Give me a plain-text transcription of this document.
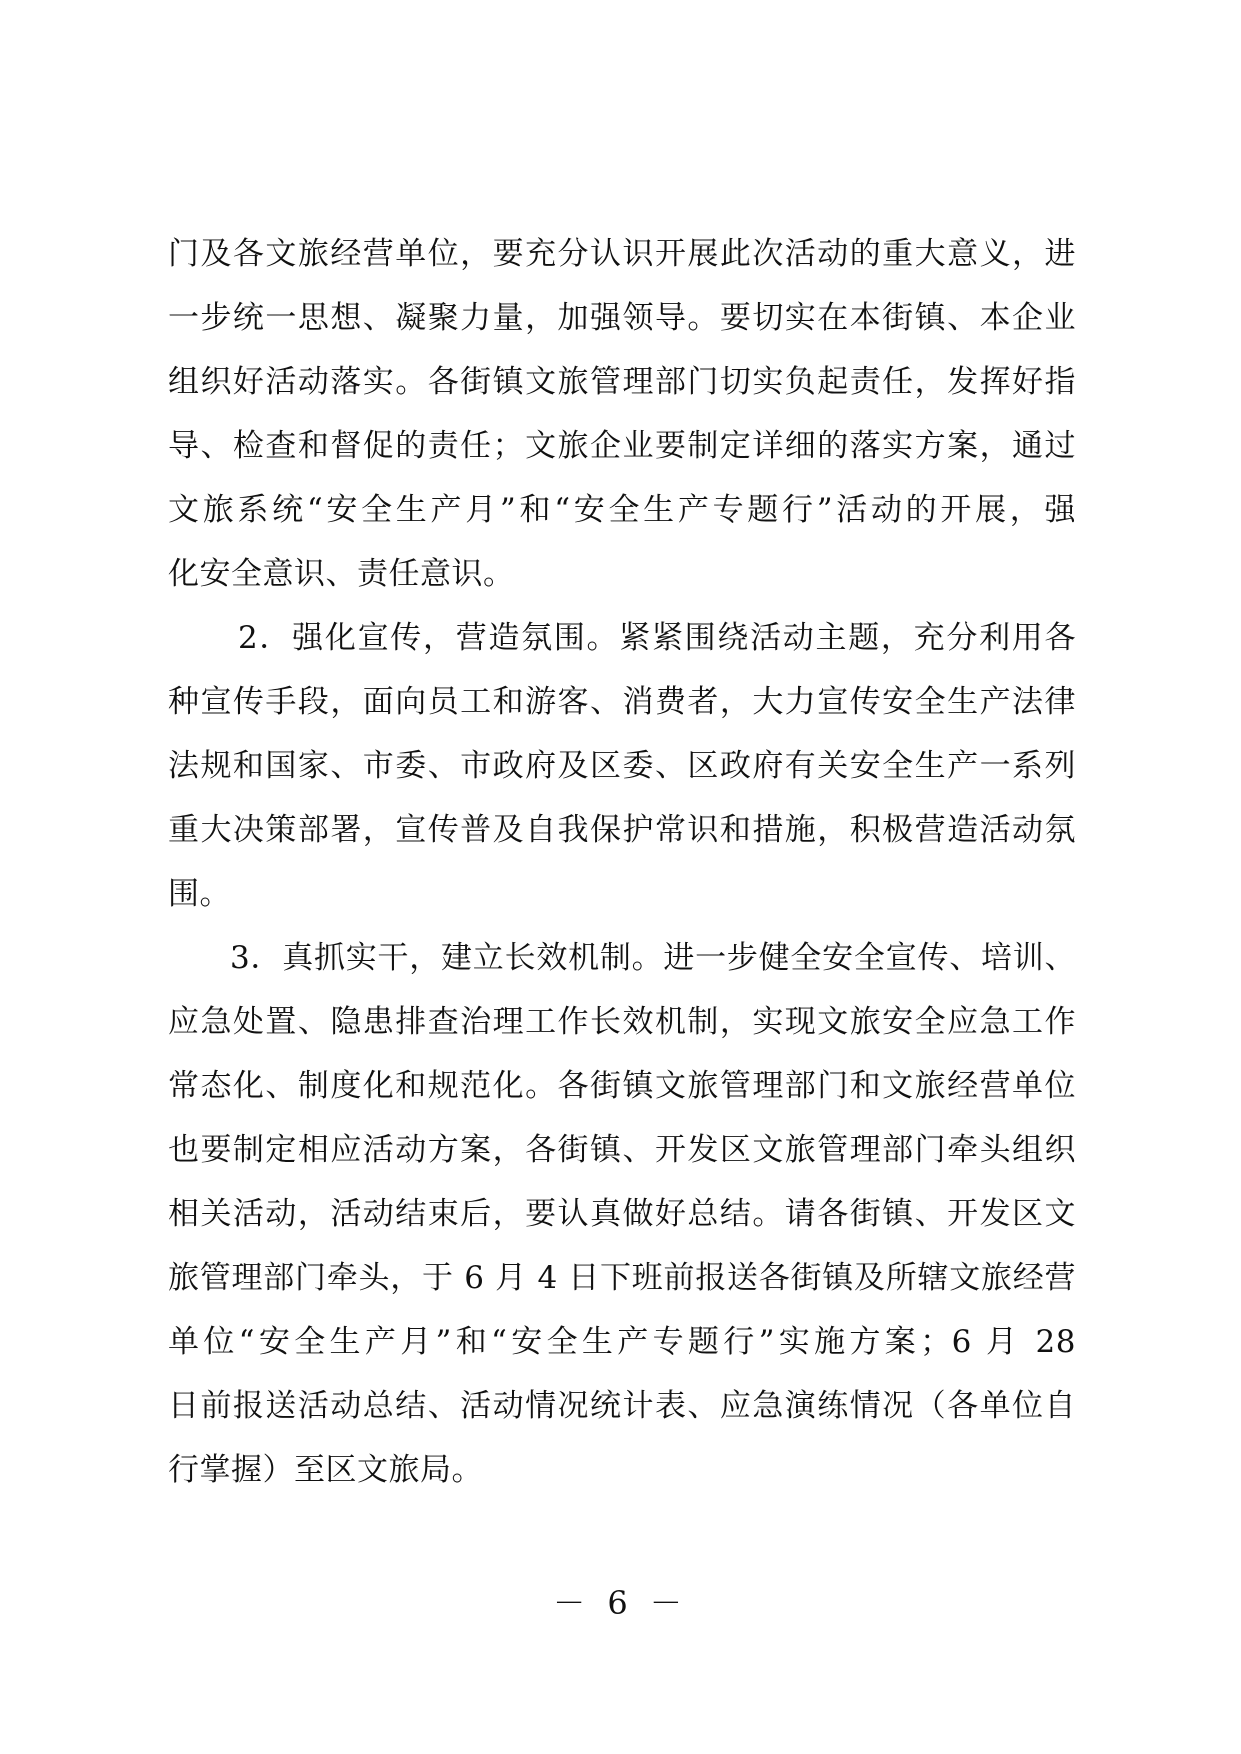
门及各文旅经营单位，要充分认识开展此次活动的重大意义，进
一步统一思想、凝聚力量，加强领导。要切实在本街镇、本企业
组织好活动落实。各街镇文旅管理部门切实负起责任，发挥好指
导、检查和督促的责任；文旅企业要制定详细的落实方案，通过
文旅系统“安全生产月”和“安全生产专题行”活动的开展，强
化安全意识、责任意识。
2．强化宣传，营造氛围。紧紧围绕活动主题，充分利用各
种宣传手段，面向员工和游客、消费者，大力宣传安全生产法律
法规和国家、市委、市政府及区委、区政府有关安全生产一系列
重大决策部署，宣传普及自我保护常识和措施，积极营造活动氛
围。
3．真抓实干，建立长效机制。进一步健全安全宣传、培训、
应急处置、隐患排查治理工作长效机制，实现文旅安全应急工作
常态化、制度化和规范化。各街镇文旅管理部门和文旅经营单位
也要制定相应活动方案，各街镇、开发区文旅管理部门牵头组织
相关活动，活动结束后，要认真做好总结。请各街镇、开发区文
旅管理部门牵头，于 6 月 4 日下班前报送各街镇及所辖文旅经营
单位“安全生产月”和“安全生产专题行”实施方案；6 月 28
日前报送活动总结、活动情况统计表、应急演练情况（各单位自
行掌握）至区文旅局。
－ 6 －
